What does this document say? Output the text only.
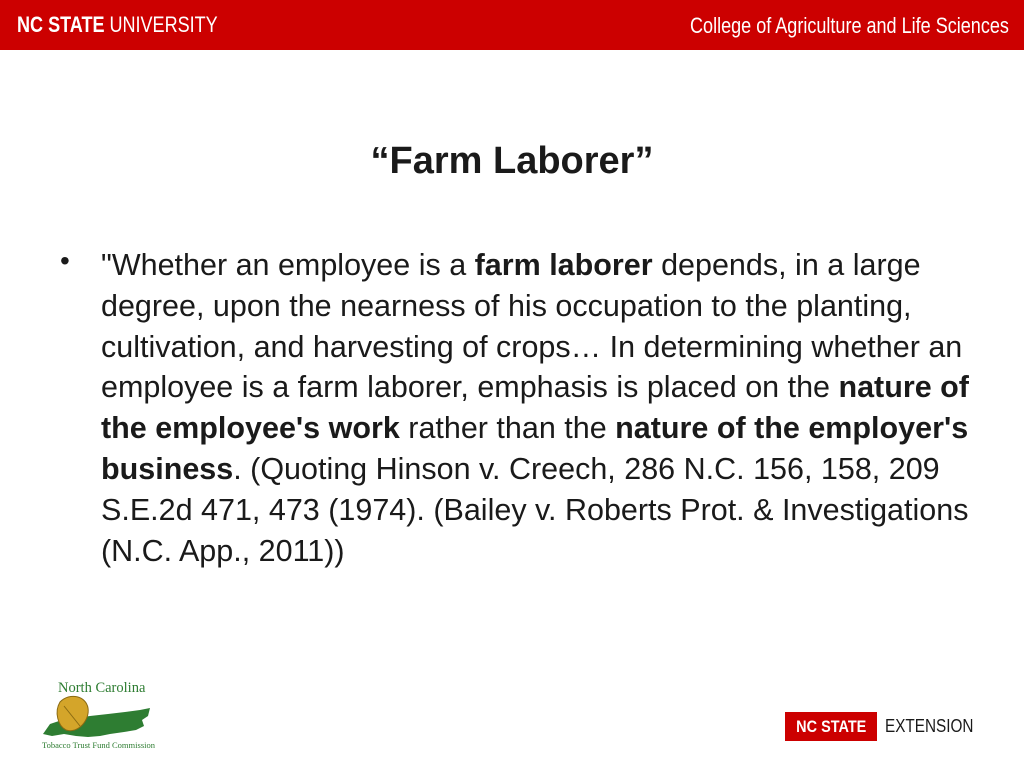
NC STATE UNIVERSITY	College of Agriculture and Life Sciences
“Farm Laborer”
• "Whether an employee is a farm laborer depends, in a large degree, upon the nearness of his occupation to the planting, cultivation, and harvesting of crops… In determining whether an employee is a farm laborer, emphasis is placed on the nature of the employee's work rather than the nature of the employer's business. (Quoting Hinson v. Creech, 286 N.C. 156, 158, 209 S.E.2d 471, 473 (1974). (Bailey v. Roberts Prot. & Investigations (N.C. App., 2011))
North Carolina
Tobacco Trust Fund Commission
NC STATE	EXTENSION
